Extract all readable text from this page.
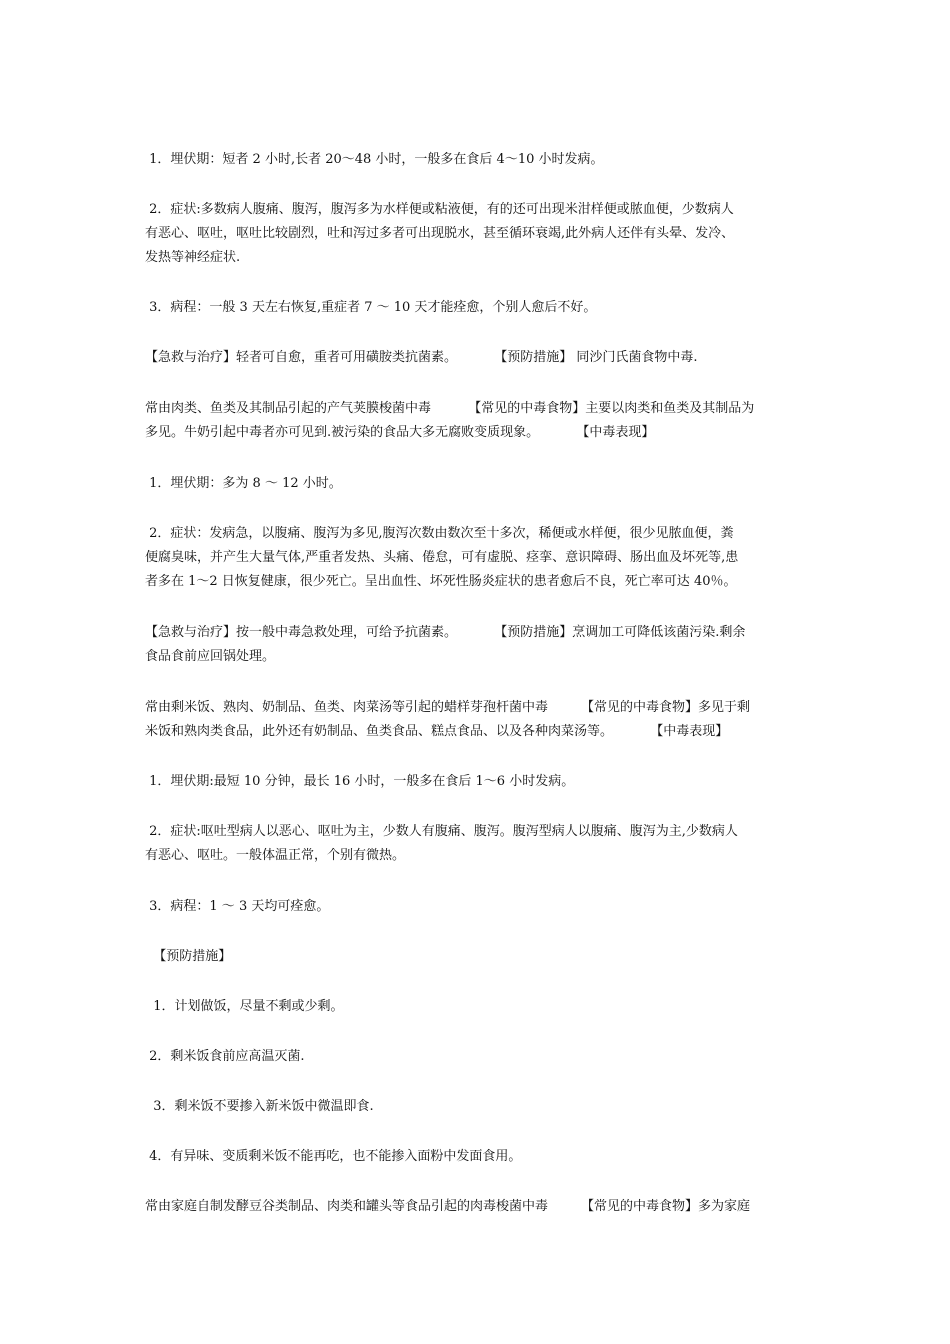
1．埋伏期：短者 2 小时,长者 20～48 小时，一般多在食后 4～10 小时发病。
2．症状:多数病人腹痛、腹泻，腹泻多为水样便或粘液便，有的还可出现米泔样便或脓血便，少数病人
有恶心、呕吐，呕吐比较剧烈，吐和泻过多者可出现脱水，甚至循环衰竭,此外病人还伴有头晕、发冷、
发热等神经症状.
3．病程：一般 3 天左右恢复,重症者 7 ～ 10 天才能痊愈，个别人愈后不好。
【急救与治疗】轻者可自愈，重者可用磺胺类抗菌素。         【预防措施】 同沙门氏菌食物中毒.
常由肉类、鱼类及其制品引起的产气荚膜梭菌中毒         【常见的中毒食物】主要以肉类和鱼类及其制品为
多见。牛奶引起中毒者亦可见到.被污染的食品大多无腐败变质现象。         【中毒表现】
1．埋伏期：多为 8 ～ 12 小时。
2．症状：发病急，以腹痛、腹泻为多见,腹泻次数由数次至十多次，稀便或水样便，很少见脓血便，粪
便腐臭味，并产生大量气体,严重者发热、头痛、倦怠，可有虚脱、痉挛、意识障碍、肠出血及坏死等,患
者多在 1～2 日恢复健康，很少死亡。呈出血性、坏死性肠炎症状的患者愈后不良，死亡率可达 40％。
【急救与治疗】按一般中毒急救处理，可给予抗菌素。         【预防措施】烹调加工可降低该菌污染.剩余
食品食前应回锅处理。
常由剩米饭、熟肉、奶制品、鱼类、肉菜汤等引起的蜡样芽孢杆菌中毒        【常见的中毒食物】多见于剩
米饭和熟肉类食品，此外还有奶制品、鱼类食品、糕点食品、以及各种肉菜汤等。         【中毒表现】
1．埋伏期:最短 10 分钟，最长 16 小时，一般多在食后 1～6 小时发病。
2．症状:呕吐型病人以恶心、呕吐为主，少数人有腹痛、腹泻。腹泻型病人以腹痛、腹泻为主,少数病人
有恶心、呕吐。一般体温正常，个别有微热。
3．病程：1 ～ 3 天均可痊愈。
【预防措施】
1．计划做饭，尽量不剩或少剩。
2．剩米饭食前应高温灭菌.
3．剩米饭不要掺入新米饭中微温即食.
4．有异味、变质剩米饭不能再吃，也不能掺入面粉中发面食用。
常由家庭自制发酵豆谷类制品、肉类和罐头等食品引起的肉毒梭菌中毒        【常见的中毒食物】多为家庭
